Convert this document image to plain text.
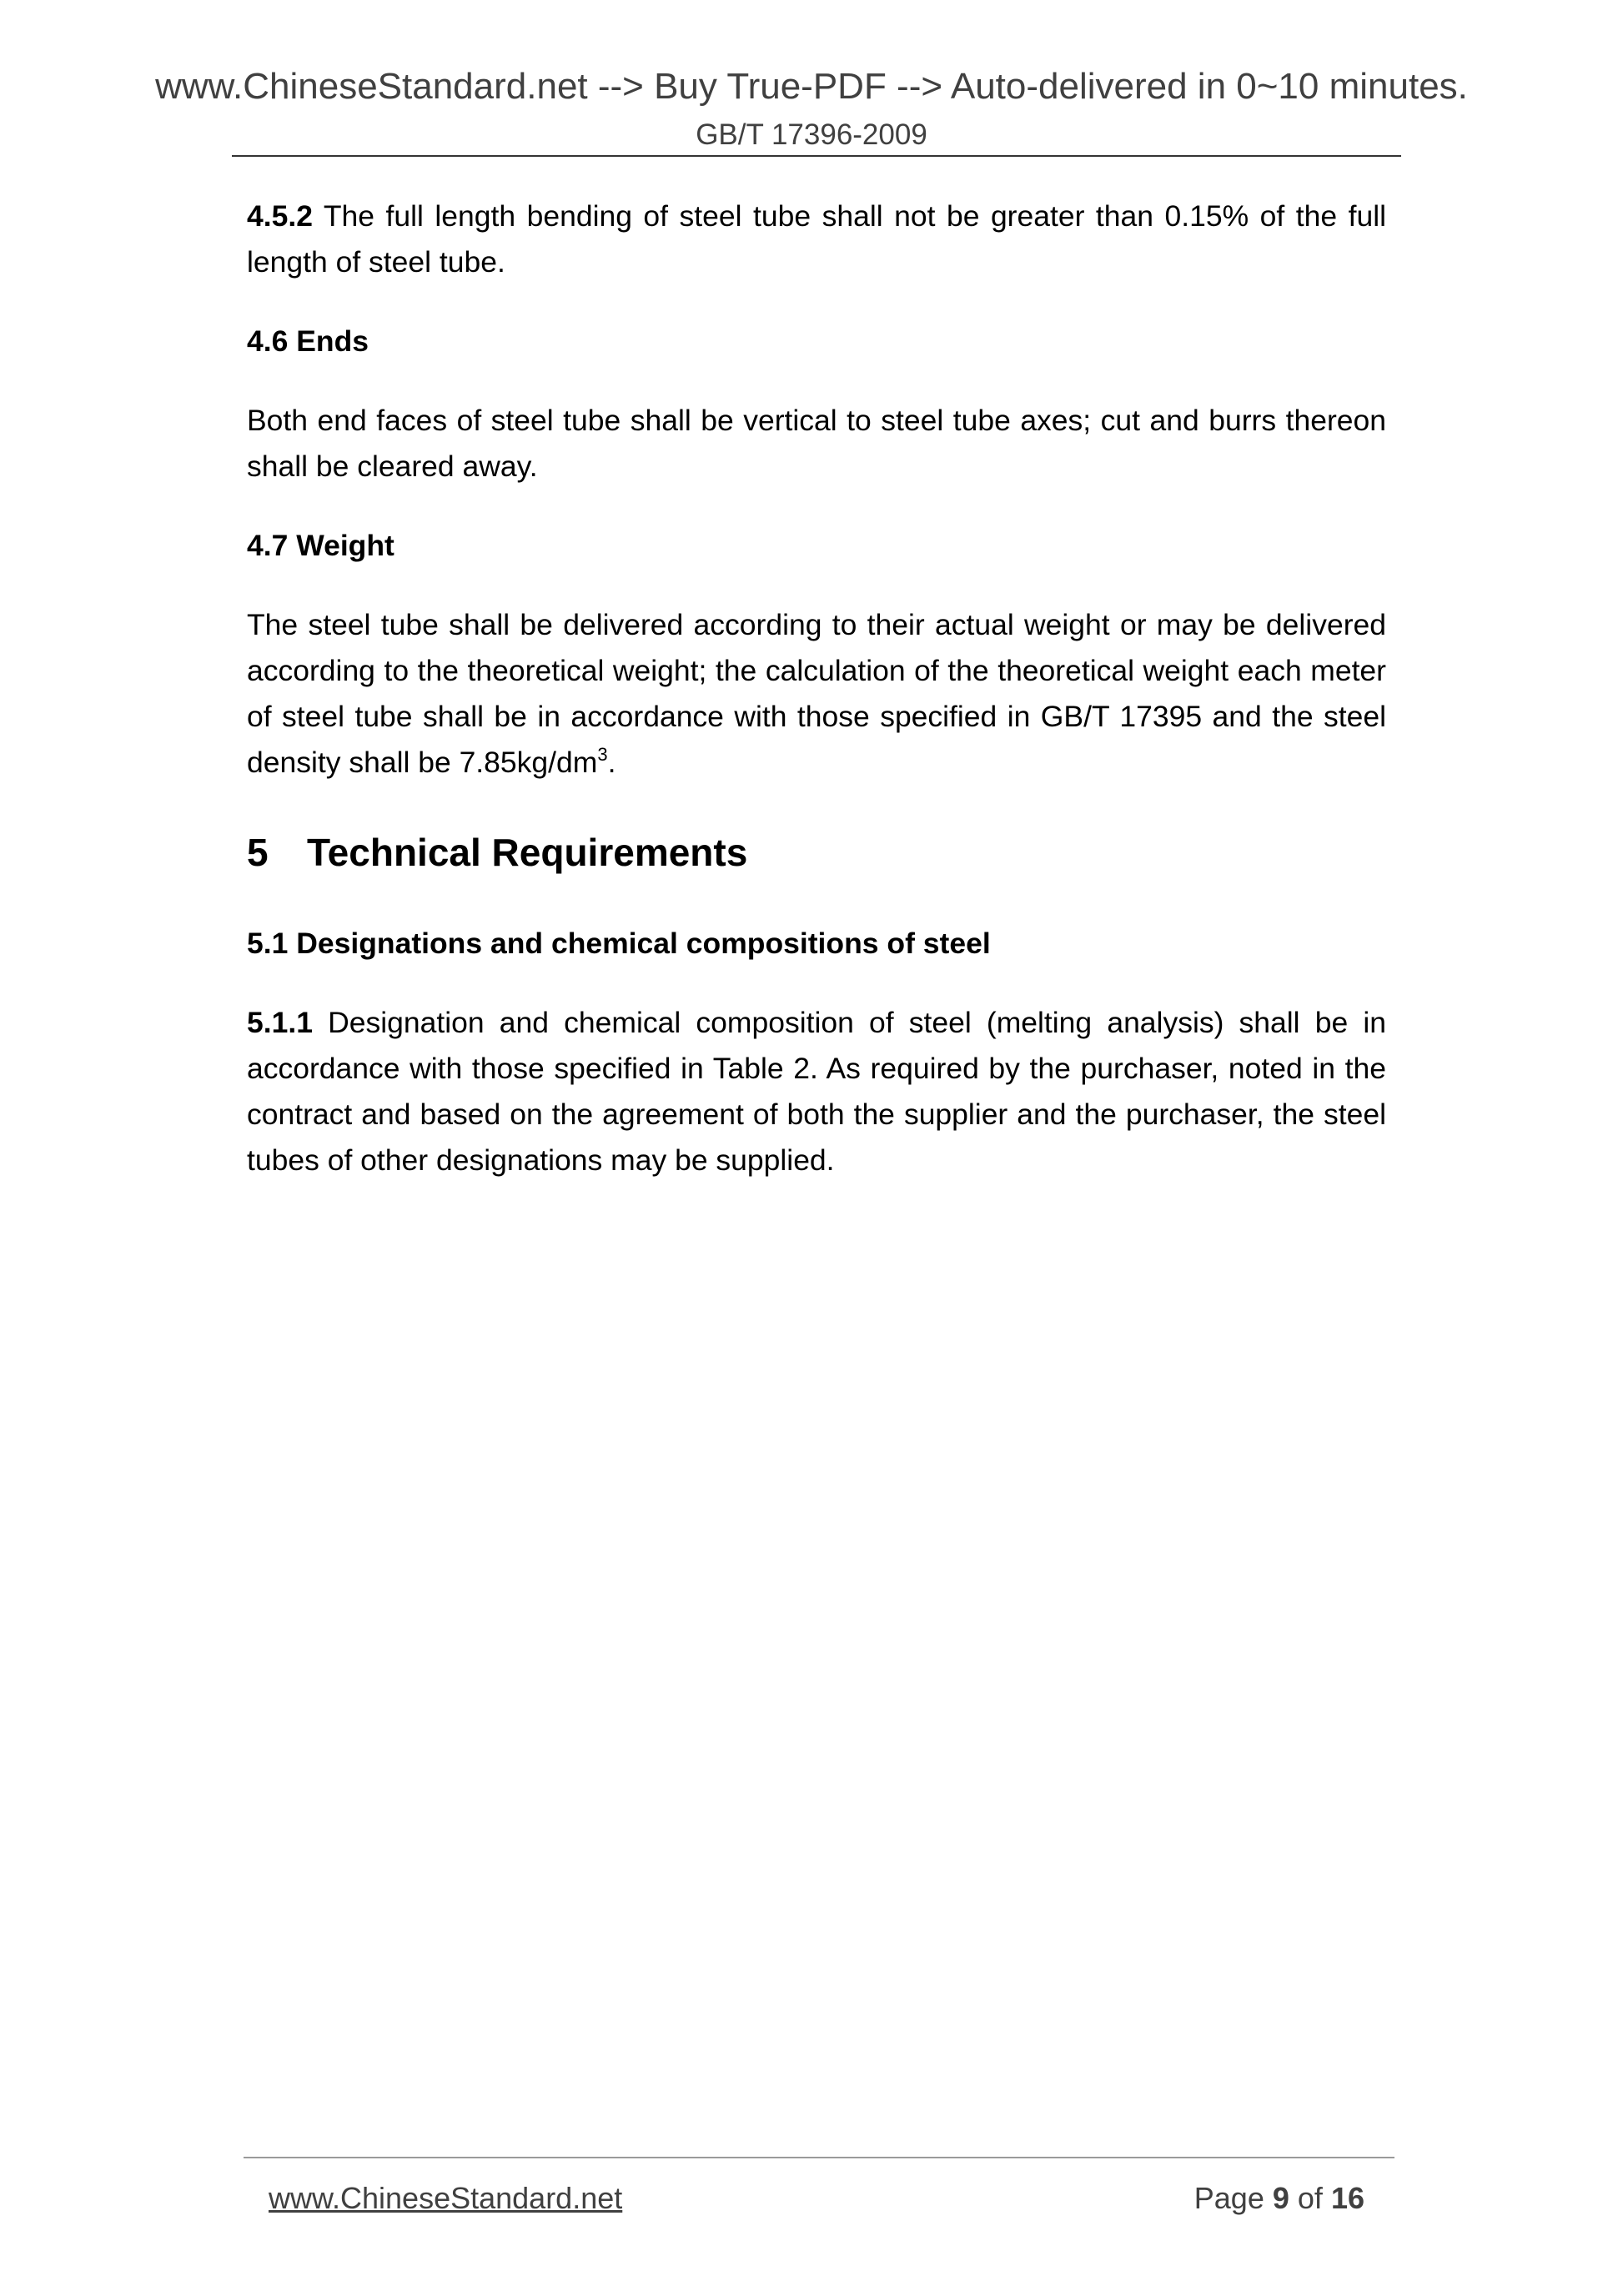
www.ChineseStandard.net --> Buy True-PDF --> Auto-delivered in 0~10 minutes.
GB/T 17396-2009

4.5.2 The full length bending of steel tube shall not be greater than 0.15% of the full length of steel tube.

4.6 Ends

Both end faces of steel tube shall be vertical to steel tube axes; cut and burrs thereon shall be cleared away.

4.7 Weight

The steel tube shall be delivered according to their actual weight or may be delivered according to the theoretical weight; the calculation of the theoretical weight each meter of steel tube shall be in accordance with those specified in GB/T 17395 and the steel density shall be $7.85kg/dm^3$.

5 Technical Requirements

5.1 Designations and chemical compositions of steel

5.1.1 Designation and chemical composition of steel (melting analysis) shall be in accordance with those specified in Table 2. As required by the purchaser, noted in the contract and based on the agreement of both the supplier and the purchaser, the steel tubes of other designations may be supplied.

www.ChineseStandard.net	Page 9 of 16
